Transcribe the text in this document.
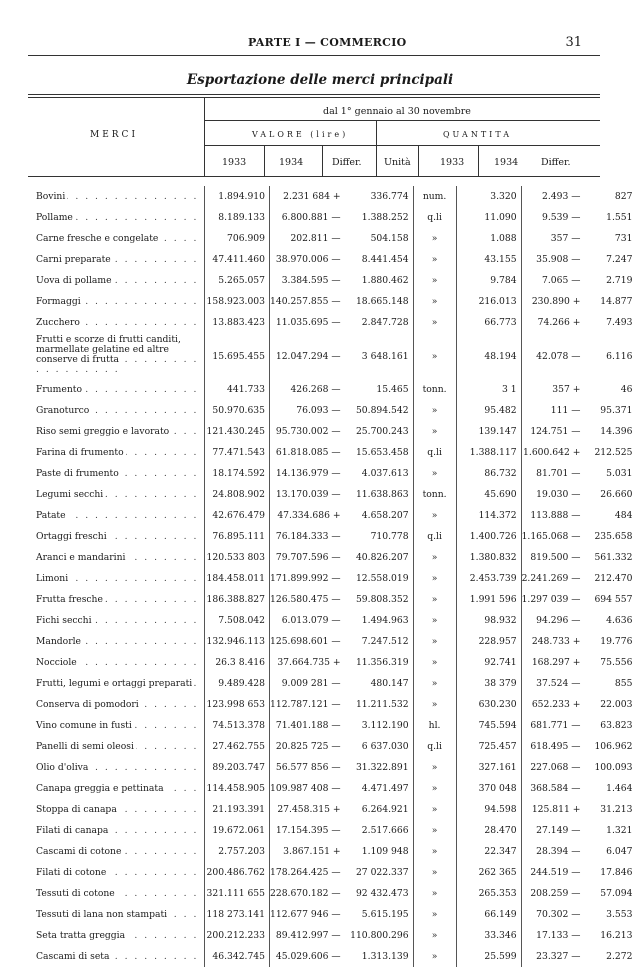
PARTE I — COMMERCIO	31
Esportazione delle merci principali
dal 1° gennaio al 30 novembre
MERCI	VALORE (lire)	QUANTITA
1933	1934	Differ. Unità	1933	1934 Differ.
Bovini . . .	1.894.910	2.231 684 +	336.774	num.	3.320	2.493 —	827
Pollame . . .	8.189.133	6.800.881 —	1.388.252	q.li	11.090	9.539 —	1.551
Carne fresche e congelate . . .	706.909	202.811 —	504.158	»	1.088	357 —	731
Carni preparate . . .	47.411.460	38.970.006 —	8.441.454	»	43.155	35.908 —	7.247
Uova di pollame . . .	5.265.057	3.384.595 —	1.880.462	»	9.784	7.065 —	2.719
Formaggi . . .	158.923.003	140.257.855 —	18.665.148	»	216.013	230.890 +	14.877
Zucchero . . .	13.883.423	11.035.695 —	2.847.728	»	66.773	74.266 +	7.493
Frutti e scorze di frutti canditi, marmellate gelatine ed altre conserve di frutta . . .	15.695.455	12.047.294 —	3 648.161	»	48.194	42.078 —	6.116
Frumento . . .	441.733	426.268 —	15.465	tonn.	3 1	357 +	46
Granoturco . . .	50.970.635	76.093 —	50.894.542	»	95.482	111 —	95.371
Riso semi greggio e lavorato . . .	121.430.245	95.730.002 —	25.700.243	»	139.147	124.751 —	14.396
Farina di frumento . . .	77.471.543	61.818.085 —	15.653.458	q.li	1.388.117	1.600.642 +	212.525
Paste di frumento . . .	18.174.592	14.136.979 —	4.037.613	»	86.732	81.701 —	5.031
Legumi secchi . . .	24.808.902	13.170.039 —	11.638.863	tonn.	45.690	19.030 —	26.660
Patate . . .	42.676.479	47.334.686 +	4.658.207	»	114.372	113.888 —	484
Ortaggi freschi . . .	76.895.111	76.184.333 —	710.778	q.li	1.400.726	1.165.068 —	235.658
Aranci e mandarini . . .	120.533 803	79.707.596 —	40.826.207	»	1.380.832	819.500 —	561.332
Limoni . . .	184.458.011	171.899.992 —	12.558.019	»	2.453.739	2.241.269 —	212.470
Frutta fresche . . .	186.388.827	126.580.475 —	59.808.352	»	1.991 596	1.297 039 —	694 557
Fichi secchi . . .	7.508.042	6.013.079 —	1.494.963	»	98.932	94.296 —	4.636
Mandorle . . .	132.946.113	125.698.601 —	7.247.512	»	228.957	248.733 +	19.776
Nocciole . . .	26.3 8.416	37.664.735 +	11.356.319	»	92.741	168.297 +	75.556
Frutti, legumi e ortaggi preparati . . .	9.489.428	9.009 281 —	480.147	»	38 379	37.524 —	855
Conserva di pomodori . . .	123.998 653	112.787.121 —	11.211.532	»	630.230	652.233 +	22.003
Vino comune in fusti . . .	74.513.378	71.401.188 —	3.112.190	hl.	745.594	681.771 —	63.823
Panelli di semi oleosi . . .	27.462.755	20.825 725 —	6 637.030	q.li	725.457	618.495 —	106.962
Olio d'oliva . . .	89.203.747	56.577 856 —	31.322.891	»	327.161	227.068 —	100.093
Canapa greggia e pettinata . . .	114.458.905	109.987 408 —	4.471.497	»	370 048	368.584 —	1.464
Stoppa di canapa . . .	21.193.391	27.458.315 +	6.264.921	»	94.598	125.811 +	31.213
Filati di canapa . . .	19.672.061	17.154.395 —	2.517.666	»	28.470	27.149 —	1.321
Cascami di cotone . . .	2.757.203	3.867.151 +	1.109 948	»	22.347	28.394 —	6.047
Filati di cotone . . .	200.486.762	178.264.425 —	27 022.337	»	262 365	244.519 —	17.846
Tessuti di cotone . . .	321.111 655	228.670.182 —	92 432.473	»	265.353	208.259 —	57.094
Tessuti di lana non stampati . . .	118 273.141	112.677 946 —	5.615.195	»	66.149	70.302 —	3.553
Seta tratta greggia . . .	200.212.233	89.412.997 —	110.800.296	»	33.346	17.133 —	16.213
Cascami di seta . . .	46.342.745	45.029.606 —	1.313.139	»	25.599	23.327 —	2.272
